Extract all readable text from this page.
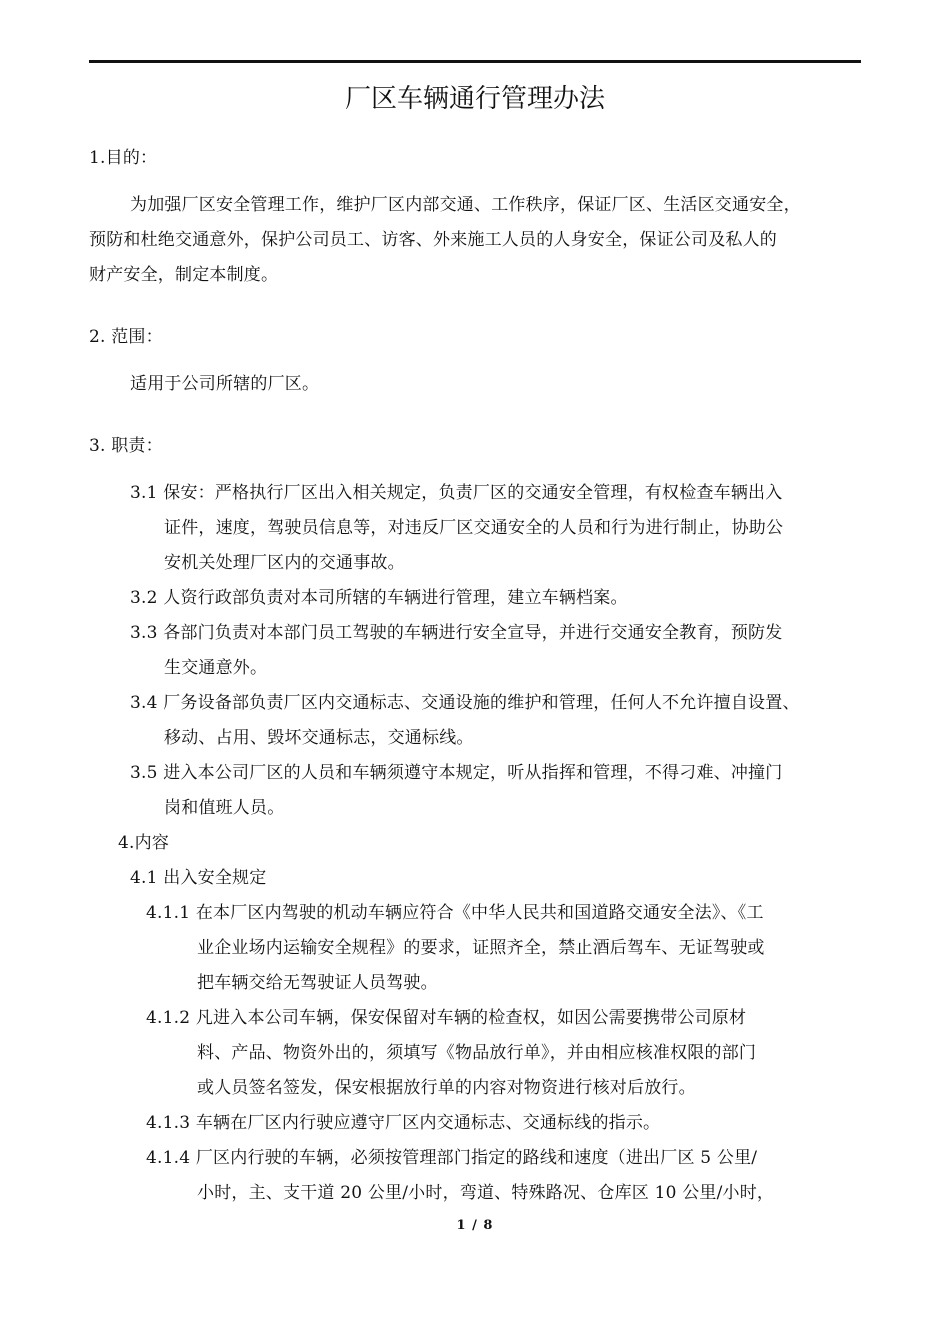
厂区车辆通行管理办法
1.目的：
为加强厂区安全管理工作，维护厂区内部交通、工作秩序，保证厂区、生活区交通安全，
预防和杜绝交通意外，保护公司员工、访客、外来施工人员的人身安全，保证公司及私人的
财产安全，制定本制度。
2. 范围：
适用于公司所辖的厂区。
3. 职责：
3.1 保安：严格执行厂区出入相关规定，负责厂区的交通安全管理，有权检查车辆出入
证件，速度，驾驶员信息等，对违反厂区交通安全的人员和行为进行制止，协助公
安机关处理厂区内的交通事故。
3.2 人资行政部负责对本司所辖的车辆进行管理，建立车辆档案。
3.3 各部门负责对本部门员工驾驶的车辆进行安全宣导，并进行交通安全教育，预防发
生交通意外。
3.4 厂务设备部负责厂区内交通标志、交通设施的维护和管理，任何人不允许擅自设置、
移动、占用、毁坏交通标志，交通标线。
3.5 进入本公司厂区的人员和车辆须遵守本规定，听从指挥和管理，不得刁难、冲撞门
岗和值班人员。
4.内容
4.1 出入安全规定
4.1.1 在本厂区内驾驶的机动车辆应符合《中华人民共和国道路交通安全法》、《工
业企业场内运输安全规程》的要求，证照齐全，禁止酒后驾车、无证驾驶或
把车辆交给无驾驶证人员驾驶。
4.1.2 凡进入本公司车辆，保安保留对车辆的检查权，如因公需要携带公司原材
料、产品、物资外出的，须填写《物品放行单》，并由相应核准权限的部门
或人员签名签发，保安根据放行单的内容对物资进行核对后放行。
4.1.3 车辆在厂区内行驶应遵守厂区内交通标志、交通标线的指示。
4.1.4 厂区内行驶的车辆，必须按管理部门指定的路线和速度（进出厂区 5 公里/
小时，主、支干道 20 公里/小时，弯道、特殊路况、仓库区 10 公里/小时，
1 / 8
